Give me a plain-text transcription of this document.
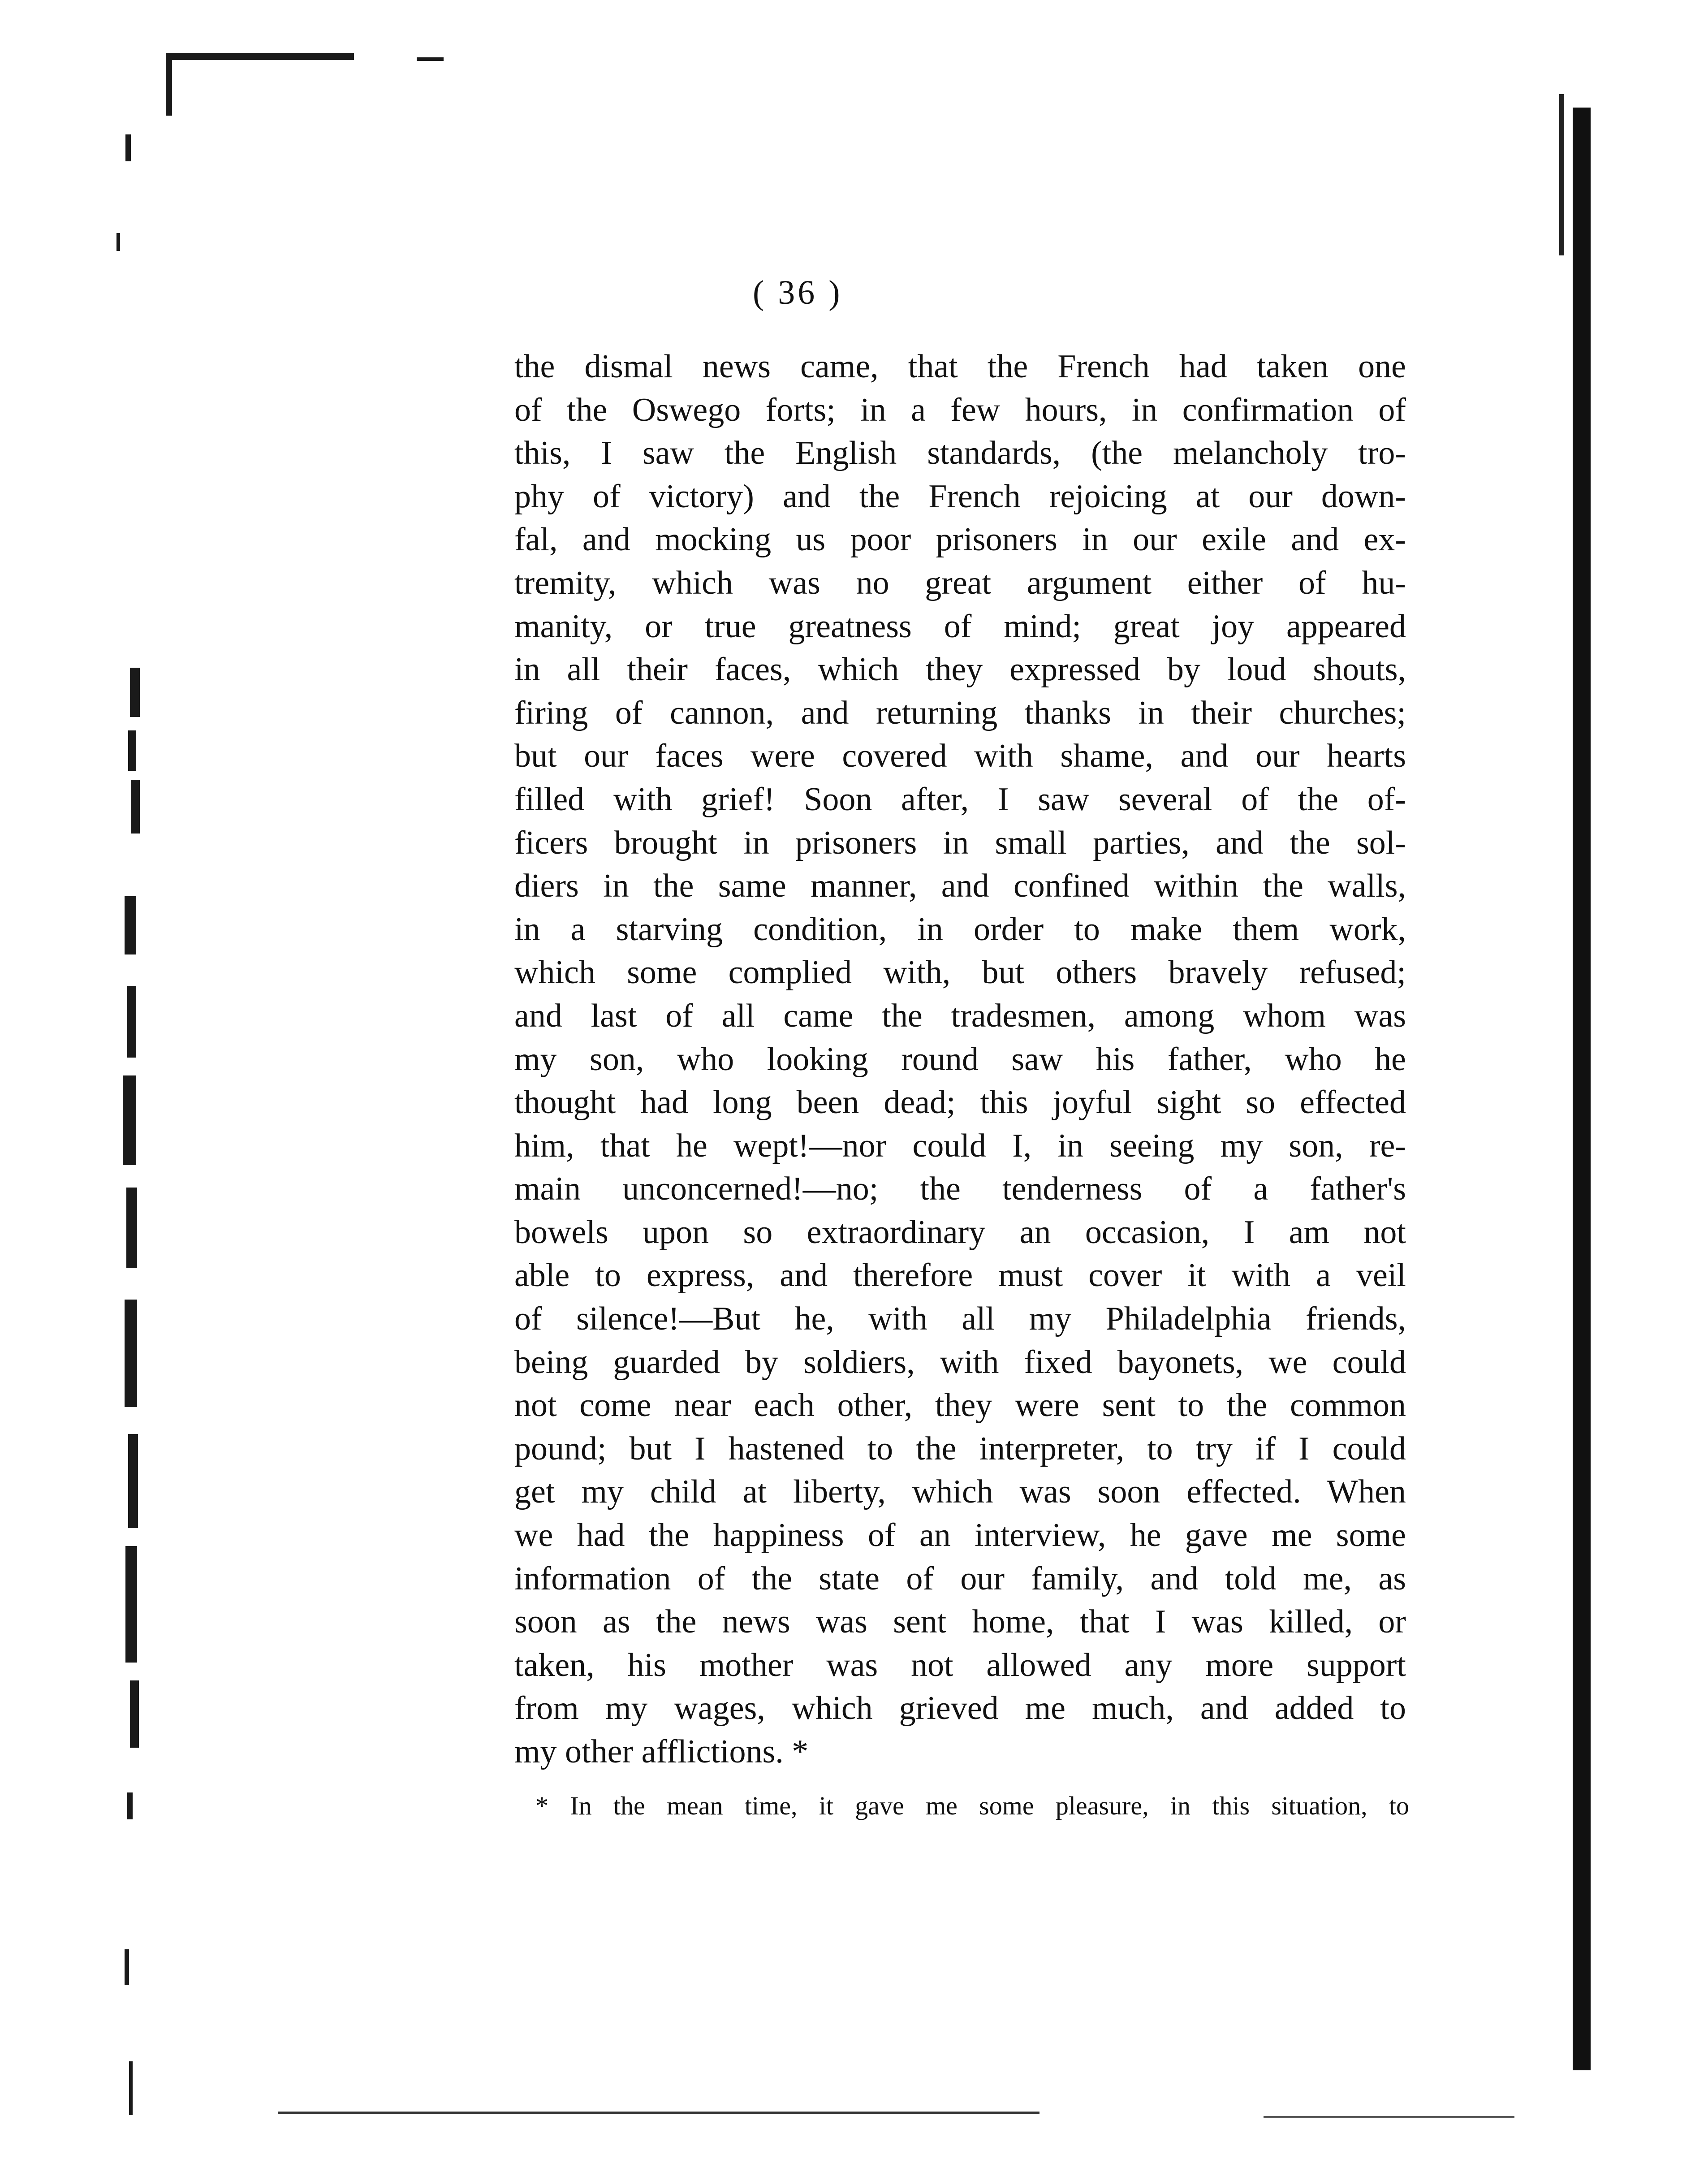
( 36 )
the dismal news came, that the French had taken one
of the Oswego forts; in a few hours, in confirmation of
this, I saw the English standards, (the melancholy tro-
phy of victory) and the French rejoicing at our down-
fal, and mocking us poor prisoners in our exile and ex-
tremity, which was no great argument either of hu-
manity, or true greatness of mind; great joy appeared
in all their faces, which they expressed by loud shouts,
firing of cannon, and returning thanks in their churches;
but our faces were covered with shame, and our hearts
filled with grief! Soon after, I saw several of the of-
ficers brought in prisoners in small parties, and the sol-
diers in the same manner, and confined within the walls,
in a starving condition, in order to make them work,
which some complied with, but others bravely refused;
and last of all came the tradesmen, among whom was
my son, who looking round saw his father, who he
thought had long been dead; this joyful sight so effected
him, that he wept!—nor could I, in seeing my son, re-
main unconcerned!—no; the tenderness of a father's
bowels upon so extraordinary an occasion, I am not
able to express, and therefore must cover it with a veil
of silence!—But he, with all my Philadelphia friends,
being guarded by soldiers, with fixed bayonets, we could
not come near each other, they were sent to the common
pound; but I hastened to the interpreter, to try if I could
get my child at liberty, which was soon effected. When
we had the happiness of an interview, he gave me some
information of the state of our family, and told me, as
soon as the news was sent home, that I was killed, or
taken, his mother was not allowed any more support
from my wages, which grieved me much, and added to
my other afflictions. *
* In the mean time, it gave me some pleasure, in this situation, to
